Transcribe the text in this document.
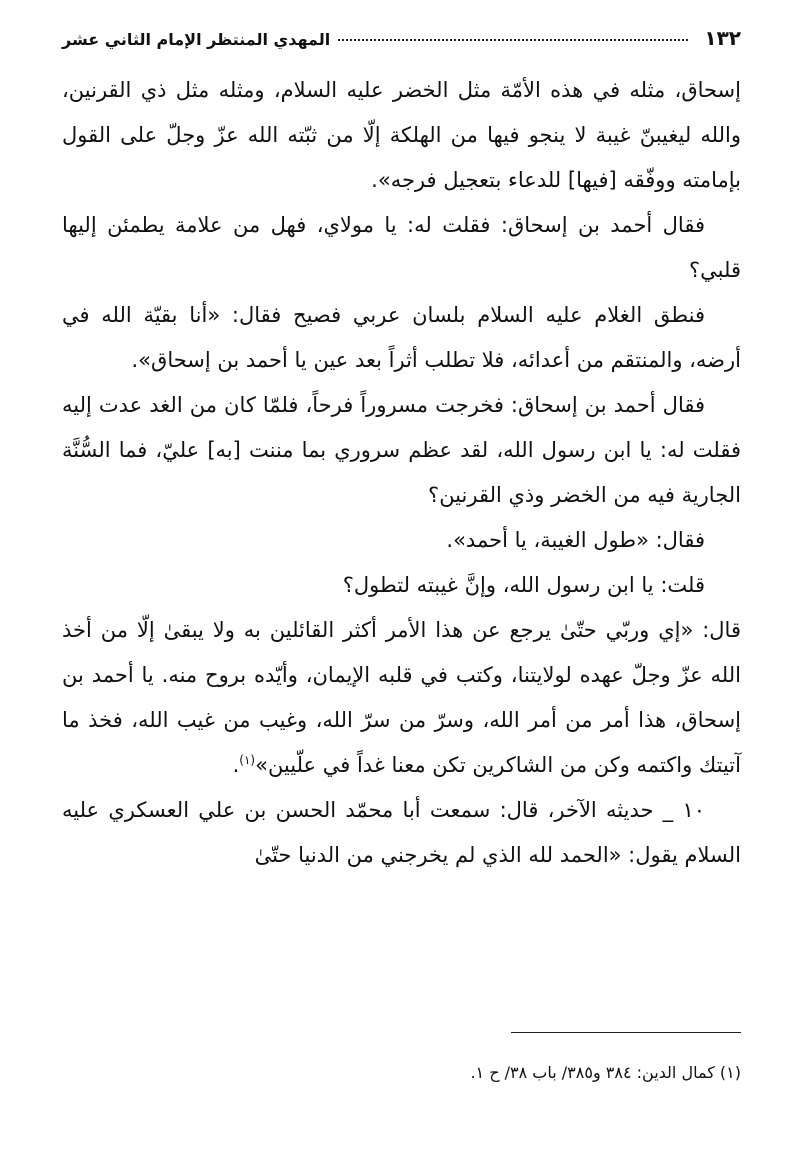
١٣٢
المهدي المنتظر الإمام الثاني عشر

إسحاق، مثله في هذه الأمّة مثل الخضر عليه السلام، ومثله مثل ذي القرنين، والله ليغيبنّ غيبة لا ينجو فيها من الهلكة إلّا من ثبّته الله عزّ وجلّ على القول بإمامته ووفّقه [فيها] للدعاء بتعجيل فرجه».

فقال أحمد بن إسحاق: فقلت له: يا مولاي، فهل من علامة يطمئن إليها قلبي؟

فنطق الغلام عليه السلام بلسان عربي فصيح فقال: «أنا بقيّة الله في أرضه، والمنتقم من أعدائه، فلا تطلب أثراً بعد عين يا أحمد بن إسحاق».

فقال أحمد بن إسحاق: فخرجت مسروراً فرحاً، فلمّا كان من الغد عدت إليه فقلت له: يا ابن رسول الله، لقد عظم سروري بما مننت [به] عليّ، فما السُّنَّة الجارية فيه من الخضر وذي القرنين؟

فقال: «طول الغيبة، يا أحمد».

قلت: يا ابن رسول الله، وإنَّ غيبته لتطول؟

قال: «إي وربّي حتّىٰ يرجع عن هذا الأمر أكثر القائلين به ولا يبقىٰ إلّا من أخذ الله عزّ وجلّ عهده لولايتنا، وكتب في قلبه الإيمان، وأيّده بروح منه. يا أحمد بن إسحاق، هذا أمر من أمر الله، وسرّ من سرّ الله، وغيب من غيب الله، فخذ ما آتيتك واكتمه وكن من الشاكرين تكن معنا غداً في علّيين»$^{(١)}$.

١٠ _ حديثه الآخر، قال: سمعت أبا محمّد الحسن بن علي العسكري عليه السلام يقول: «الحمد لله الذي لم يخرجني من الدنيا حتّىٰ

(١) كمال الدين: ٣٨٤ و٣٨٥/ باب ٣٨/ ح ١.
